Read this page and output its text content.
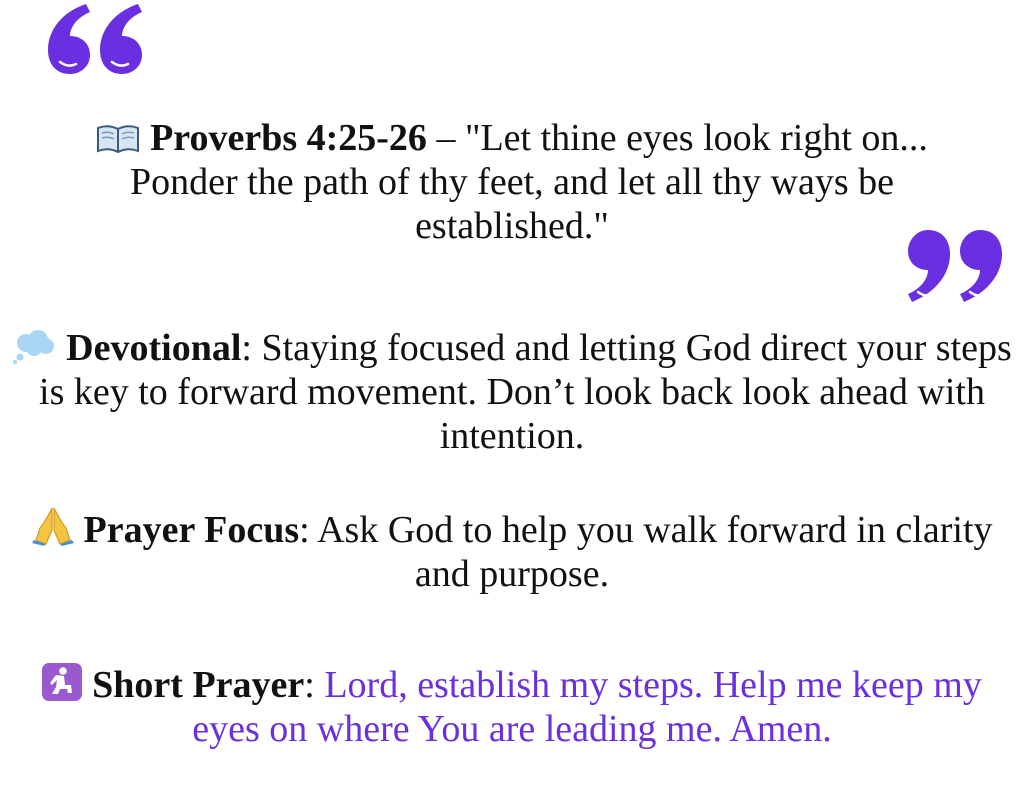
Proverbs 4:25-26 – "Let thine eyes look right on... Ponder the path of thy feet, and let all thy ways be established."

Devotional: Staying focused and letting God direct your steps is key to forward movement. Don’t look back look ahead with intention.

Prayer Focus: Ask God to help you walk forward in clarity and purpose.

Short Prayer: Lord, establish my steps. Help me keep my eyes on where You are leading me. Amen.
